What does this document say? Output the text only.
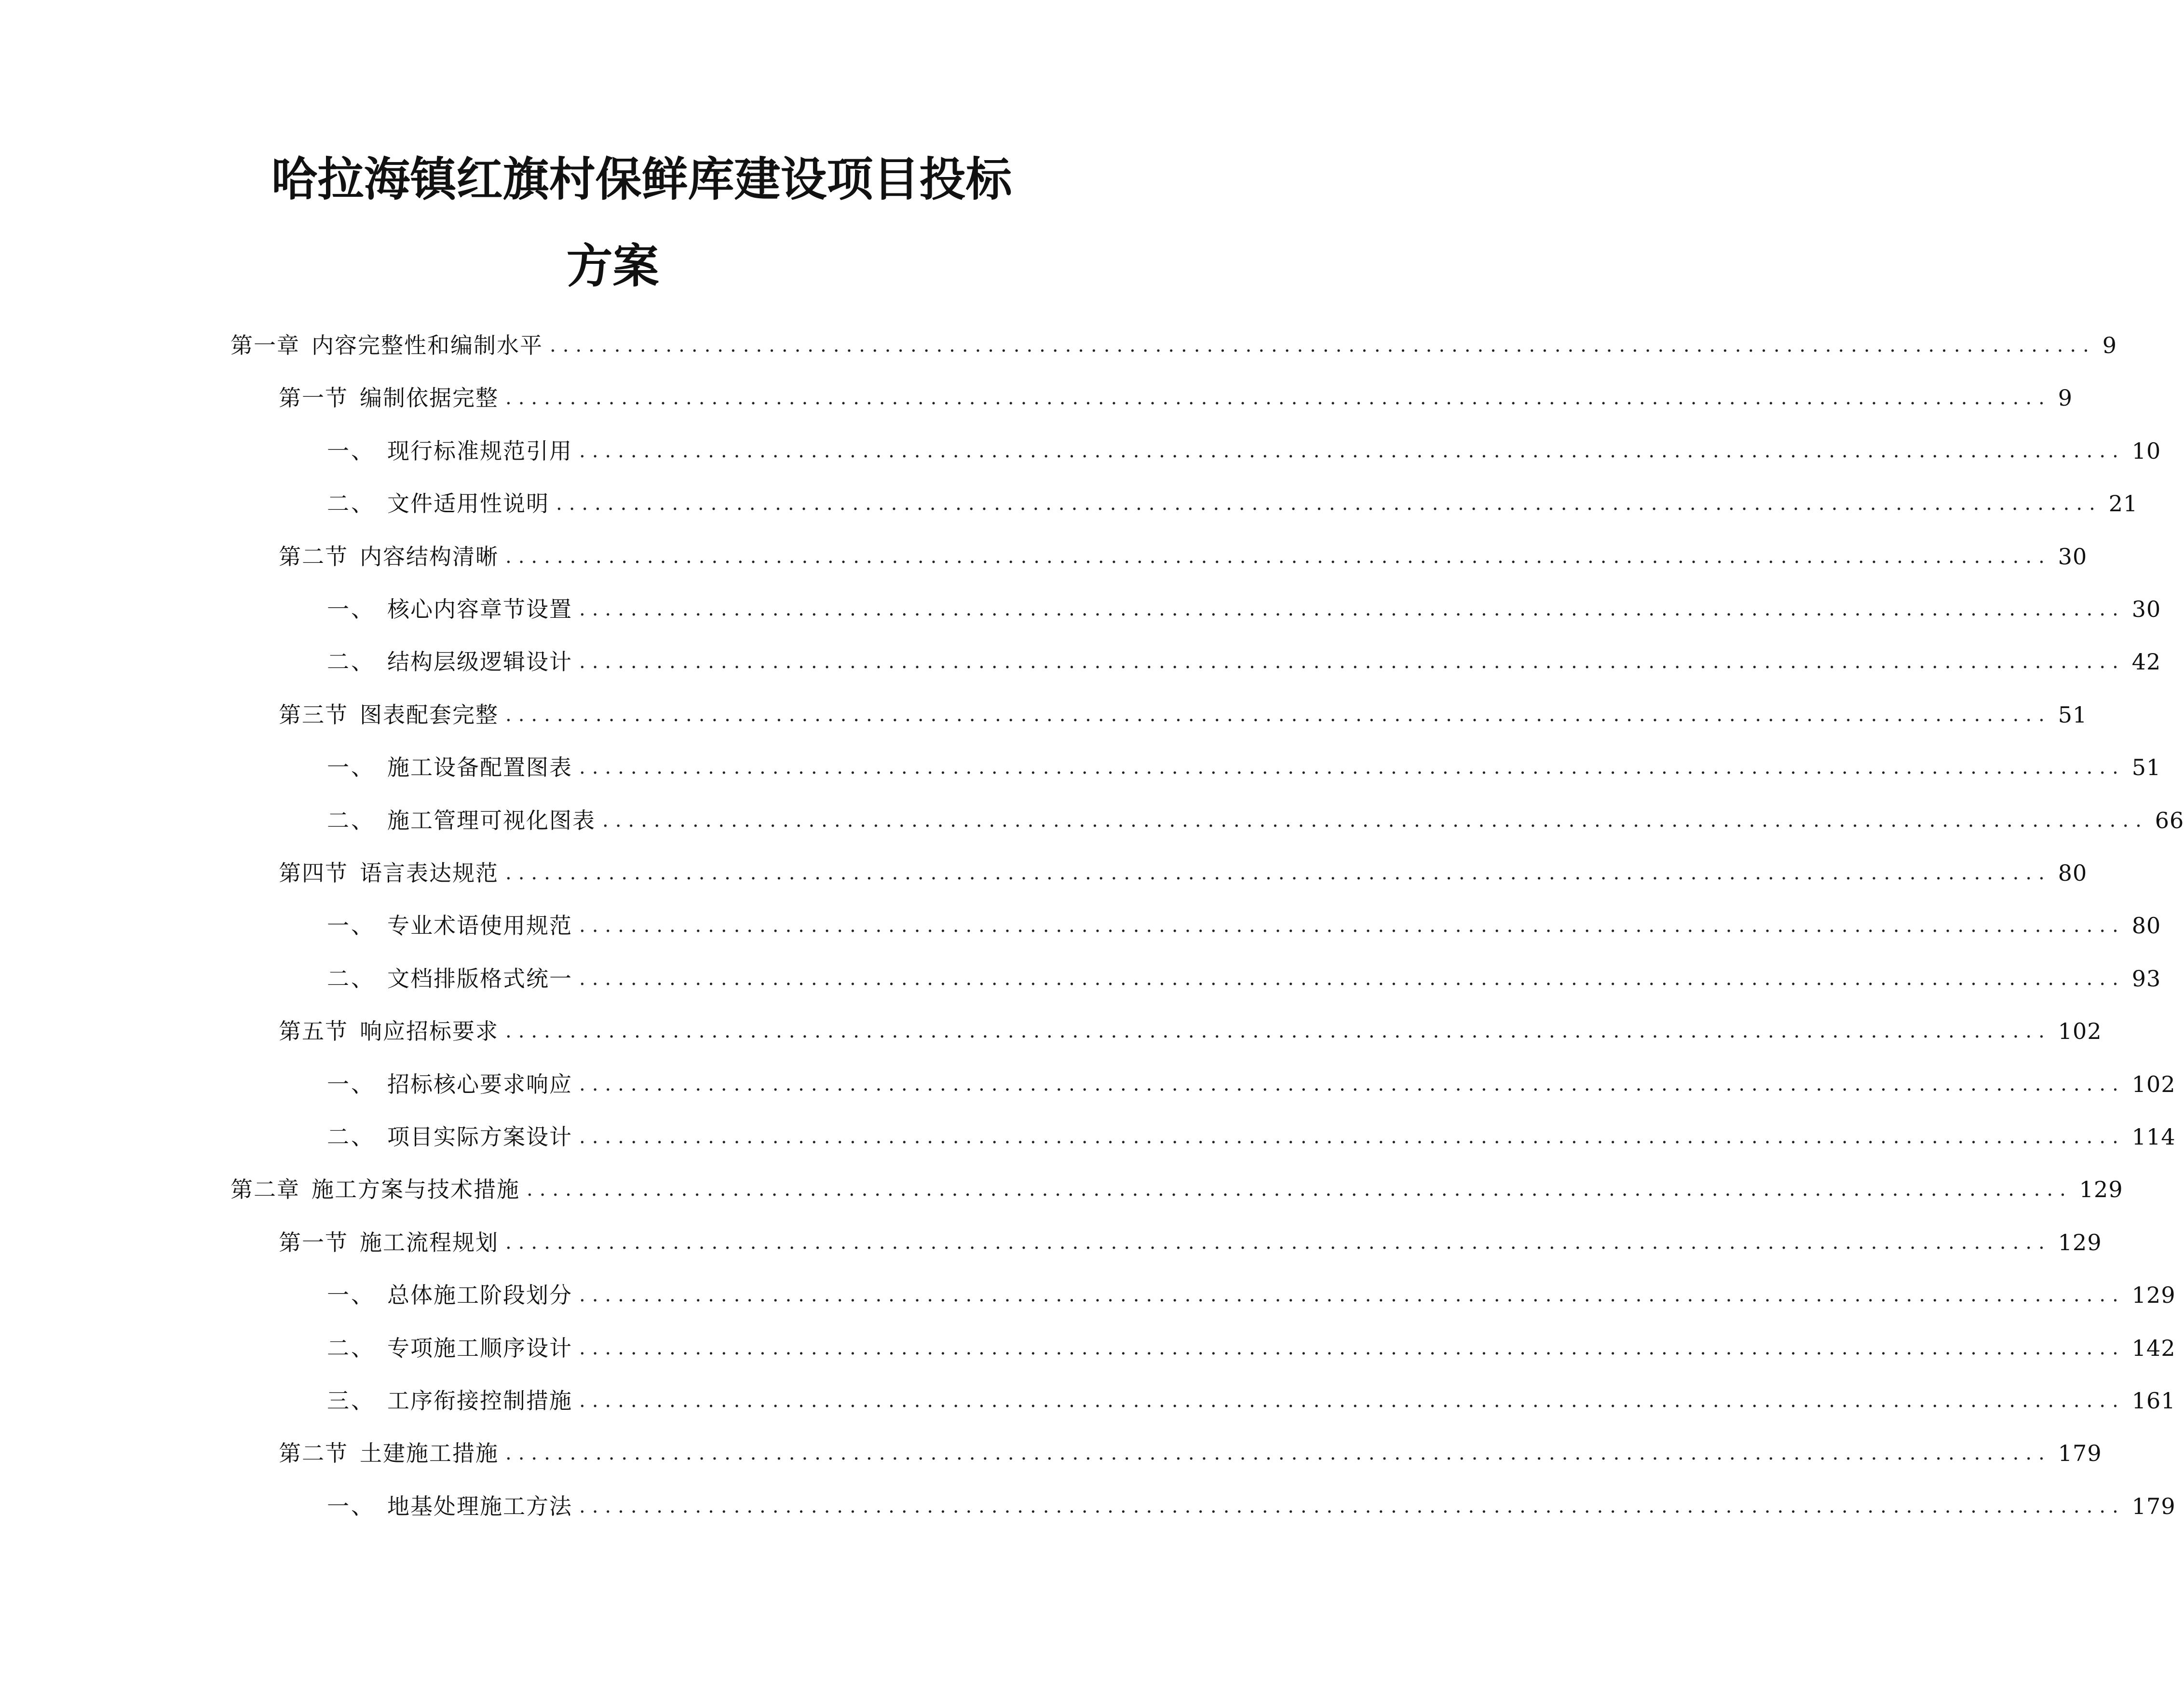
哈拉海镇红旗村保鲜库建设项目投标
方案
第一章 内容完整性和编制水平 ........................................................................................................................ 9
第一节 编制依据完整 ........................................................................................................................ 9
一、 现行标准规范引用 ........................................................................................................................ 10
二、 文件适用性说明 ........................................................................................................................ 21
第二节 内容结构清晰 ........................................................................................................................ 30
一、 核心内容章节设置 ........................................................................................................................ 30
二、 结构层级逻辑设计 ........................................................................................................................ 42
第三节 图表配套完整 ........................................................................................................................ 51
一、 施工设备配置图表 ........................................................................................................................ 51
二、 施工管理可视化图表 ........................................................................................................................ 66
第四节 语言表达规范 ........................................................................................................................ 80
一、 专业术语使用规范 ........................................................................................................................ 80
二、 文档排版格式统一 ........................................................................................................................ 93
第五节 响应招标要求 ........................................................................................................................ 102
一、 招标核心要求响应 ........................................................................................................................ 102
二、 项目实际方案设计 ........................................................................................................................ 114
第二章 施工方案与技术措施 ........................................................................................................................ 129
第一节 施工流程规划 ........................................................................................................................ 129
一、 总体施工阶段划分 ........................................................................................................................ 129
二、 专项施工顺序设计 ........................................................................................................................ 142
三、 工序衔接控制措施 ........................................................................................................................ 161
第二节 土建施工措施 ........................................................................................................................ 179
一、 地基处理施工方法 ........................................................................................................................ 179
